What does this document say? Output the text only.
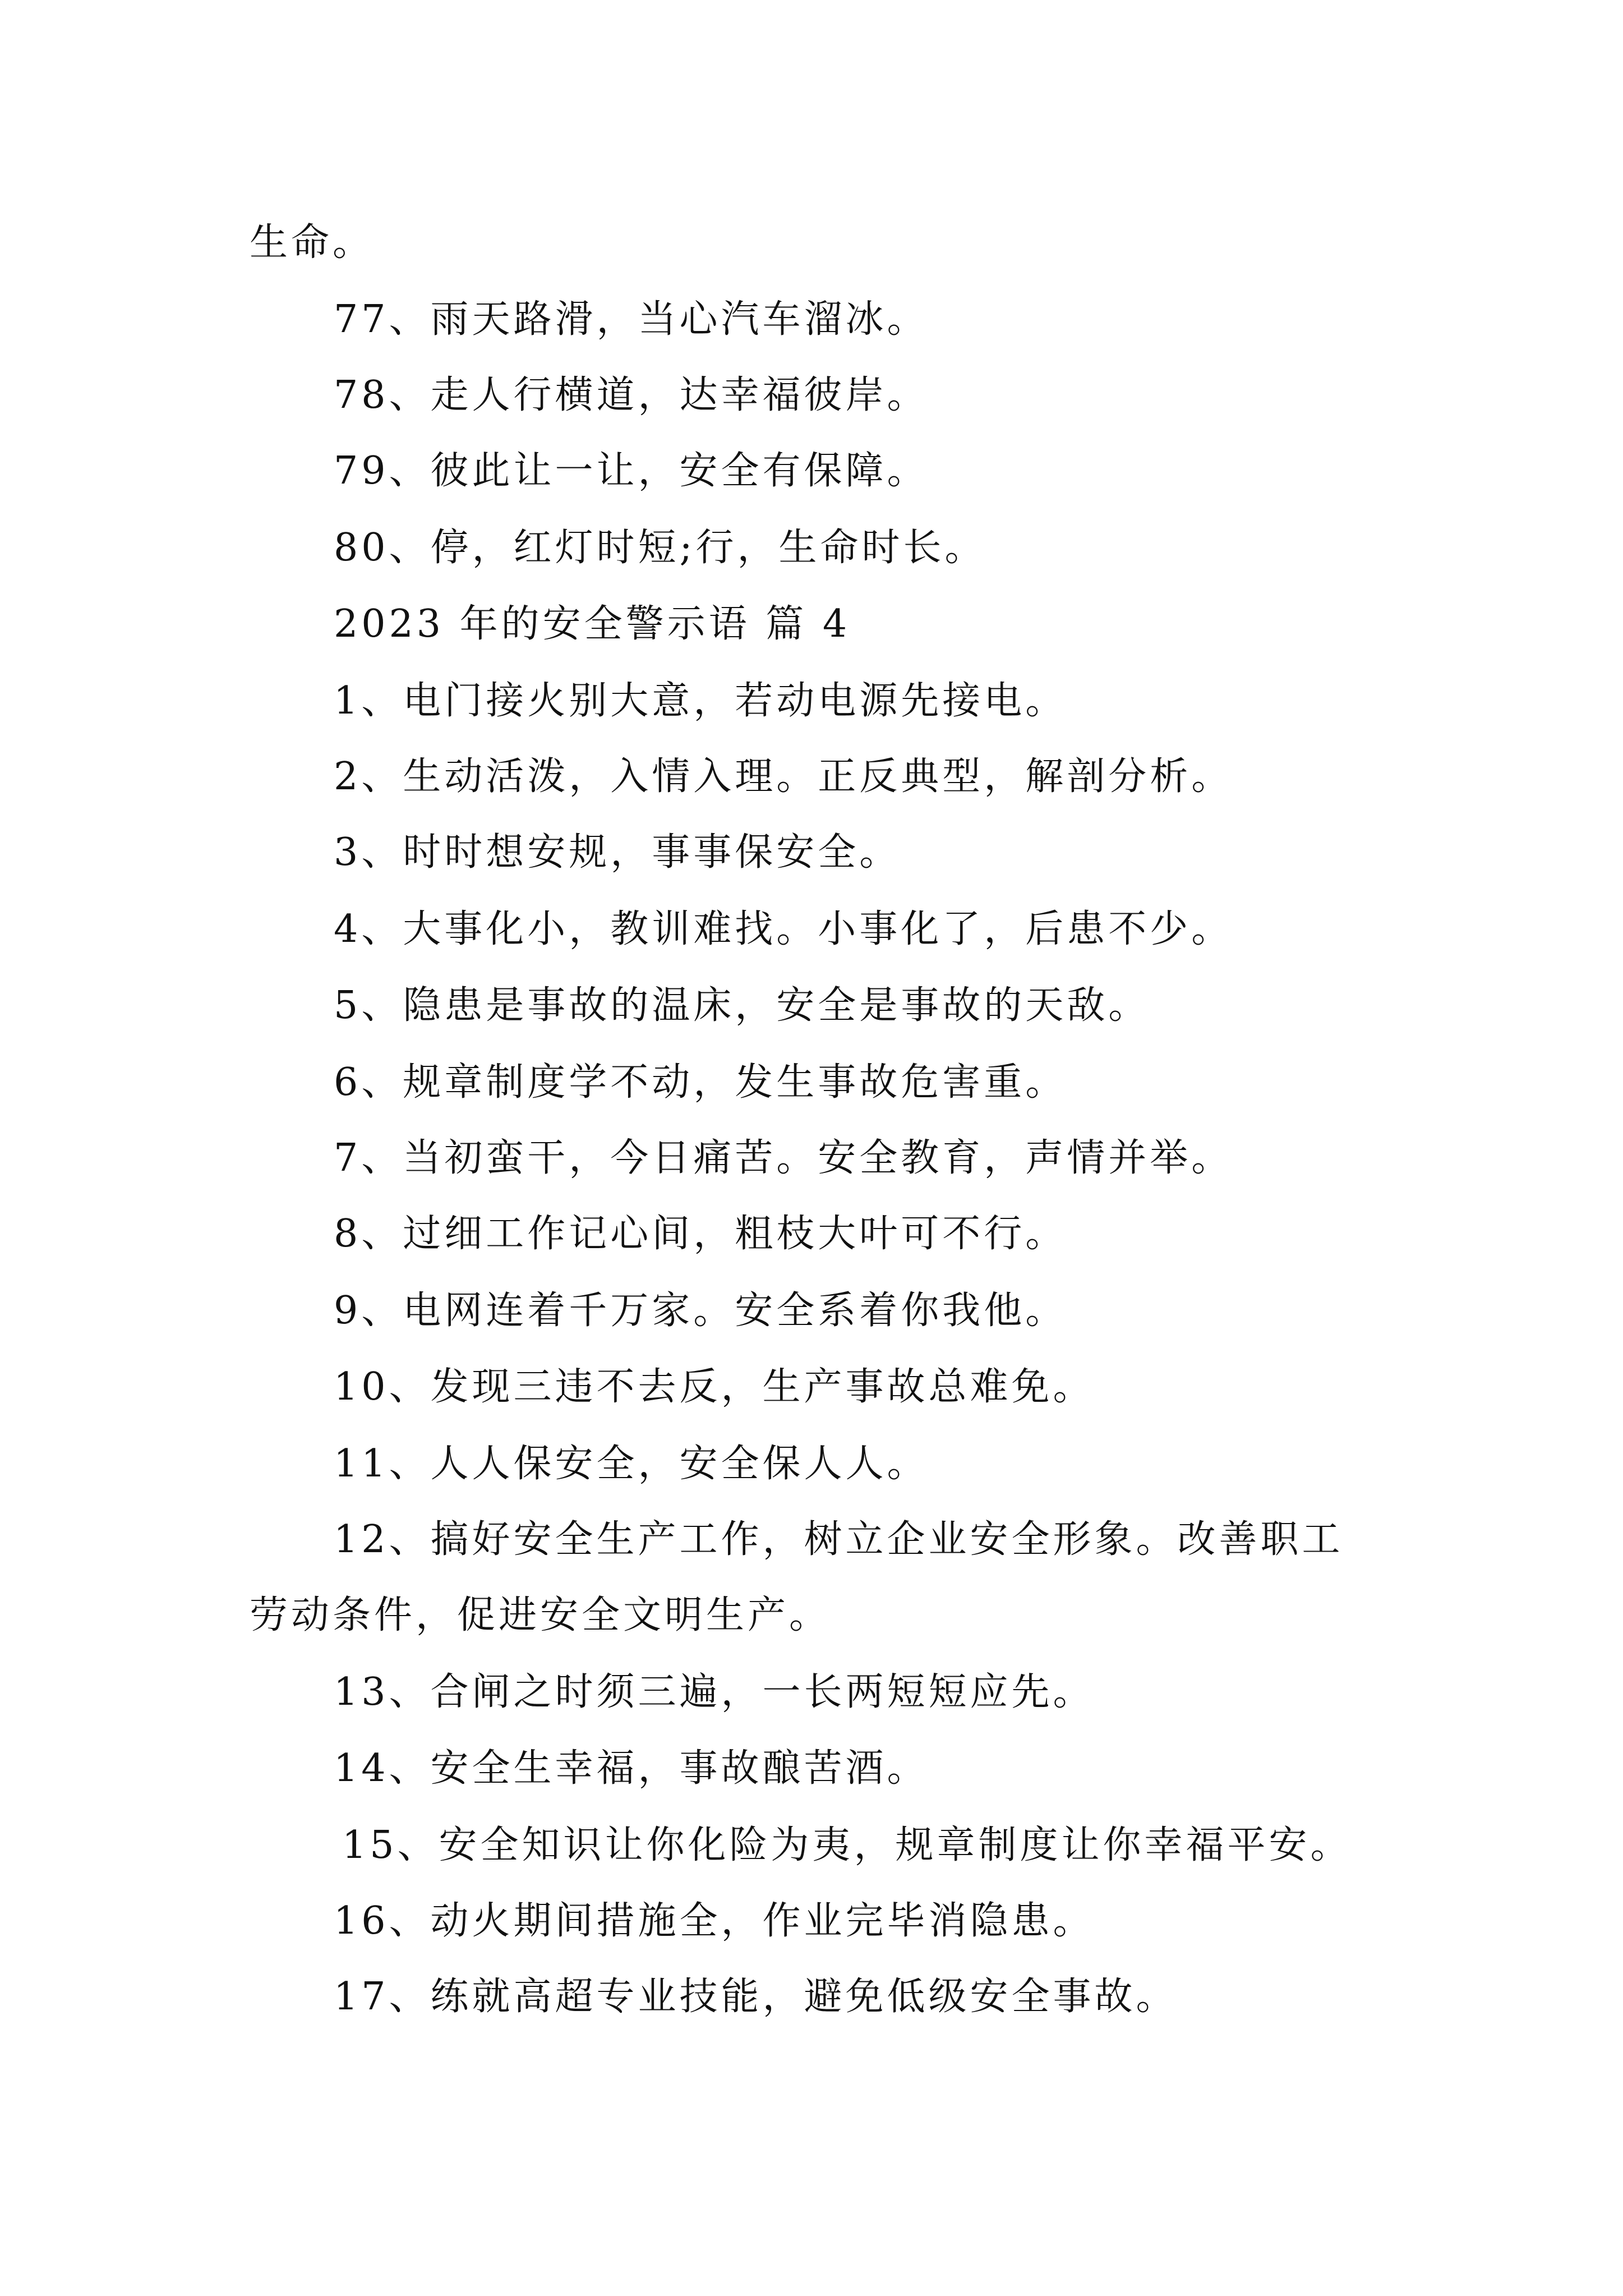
生命。
77、雨天路滑，当心汽车溜冰。
78、走人行横道，达幸福彼岸。
79、彼此让一让，安全有保障。
80、停，红灯时短;行，生命时长。
2023 年的安全警示语 篇 4
1、电门接火别大意，若动电源先接电。
2、生动活泼，入情入理。正反典型，解剖分析。
3、时时想安规，事事保安全。
4、大事化小，教训难找。小事化了，后患不少。
5、隐患是事故的温床，安全是事故的天敌。
6、规章制度学不动，发生事故危害重。
7、当初蛮干，今日痛苦。安全教育，声情并举。
8、过细工作记心间，粗枝大叶可不行。
9、电网连着千万家。安全系着你我他。
10、发现三违不去反，生产事故总难免。
11、人人保安全，安全保人人。
12、搞好安全生产工作，树立企业安全形象。改善职工
劳动条件，促进安全文明生产。
13、合闸之时须三遍，一长两短短应先。
14、安全生幸福，事故酿苦酒。
15、安全知识让你化险为夷，规章制度让你幸福平安。
16、动火期间措施全，作业完毕消隐患。
17、练就高超专业技能，避免低级安全事故。
